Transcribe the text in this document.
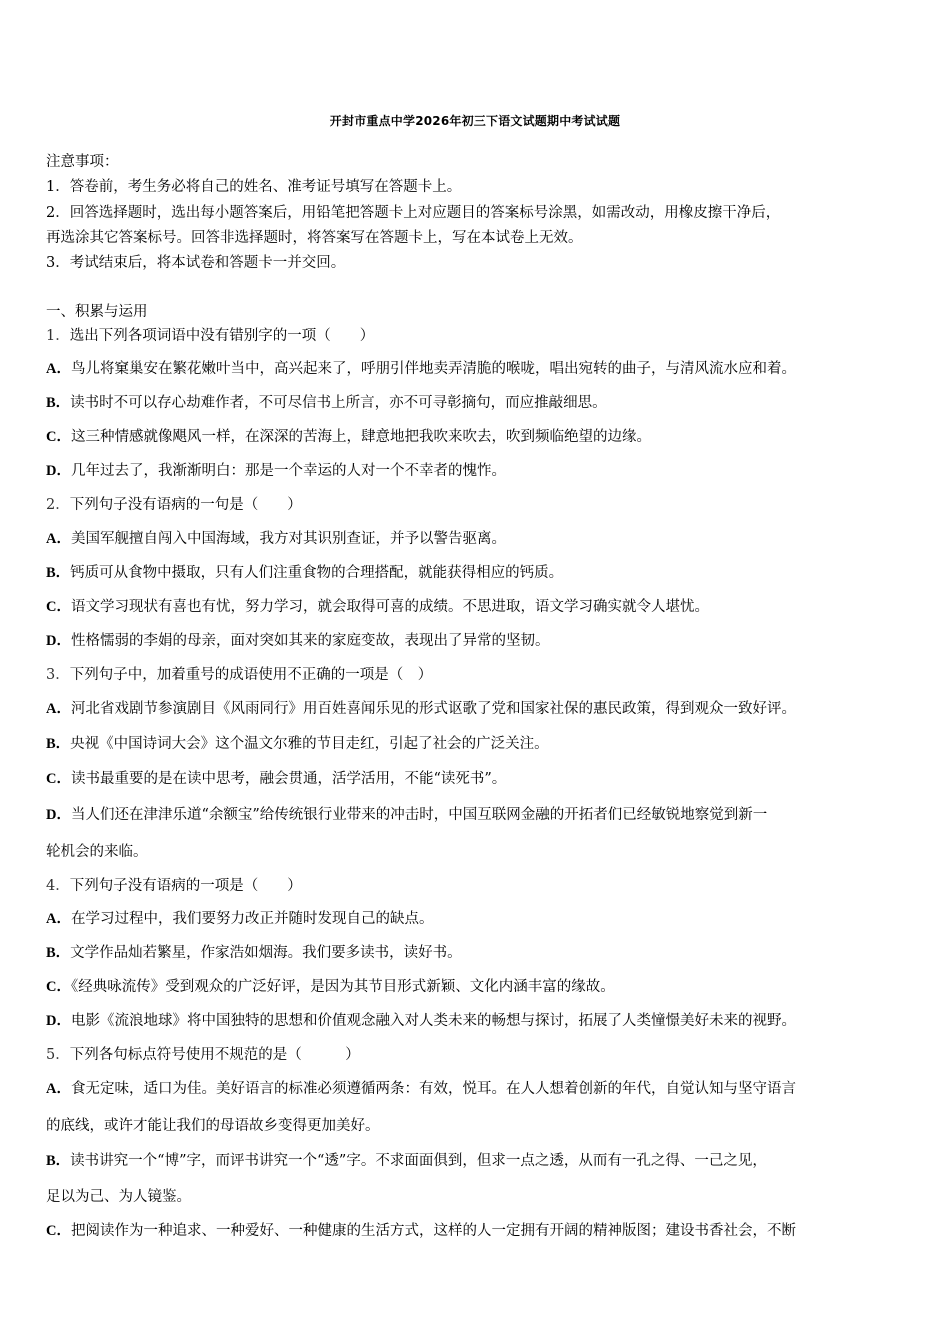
开封市重点中学2026年初三下语文试题期中考试试题
注意事项：
1．答卷前，考生务必将自己的姓名、准考证号填写在答题卡上。
2．回答选择题时，选出每小题答案后，用铅笔把答题卡上对应题目的答案标号涂黑，如需改动，用橡皮擦干净后，
再选涂其它答案标号。回答非选择题时，将答案写在答题卡上，写在本试卷上无效。
3．考试结束后，将本试卷和答题卡一并交回。
一、积累与运用
1．选出下列各项词语中没有错别字的一项（　　）
A．鸟儿将窠巢安在繁花嫩叶当中，高兴起来了，呼朋引伴地卖弄清脆的喉咙，唱出宛转的曲子，与清风流水应和着。
B．读书时不可以存心劫难作者，不可尽信书上所言，亦不可寻彰摘句，而应推敲细思。
C．这三种情感就像飓风一样，在深深的苦海上，肆意地把我吹来吹去，吹到频临绝望的边缘。
D．几年过去了，我渐渐明白：那是一个幸运的人对一个不幸者的愧怍。
2．下列句子没有语病的一句是（　　）
A．美国军舰擅自闯入中国海域，我方对其识别查证，并予以警告驱离。
B．钙质可从食物中摄取，只有人们注重食物的合理搭配，就能获得相应的钙质。
C．语文学习现状有喜也有忧，努力学习，就会取得可喜的成绩。不思进取，语文学习确实就令人堪忧。
D．性格懦弱的李娟的母亲，面对突如其来的家庭变故，表现出了异常的坚韧。
3．下列句子中，加着重号的成语使用不正确的一项是（　）
A．河北省戏剧节参演剧目《风雨同行》用百姓喜闻乐见的形式讴歌了党和国家社保的惠民政策，得到观众一致好评。
B．央视《中国诗词大会》这个温文尔雅的节目走红，引起了社会的广泛关注。
C．读书最重要的是在读中思考，融会贯通，活学活用，不能“读死书”。
D．当人们还在津津乐道“余额宝”给传统银行业带来的冲击时，中国互联网金融的开拓者们已经敏锐地察觉到新一
轮机会的来临。
4．下列句子没有语病的一项是（　　）
A．在学习过程中，我们要努力改正并随时发现自己的缺点。
B．文学作品灿若繁星，作家浩如烟海。我们要多读书，读好书。
C．《经典咏流传》受到观众的广泛好评，是因为其节目形式新颖、文化内涵丰富的缘故。
D．电影《流浪地球》将中国独特的思想和价值观念融入对人类未来的畅想与探讨，拓展了人类憧憬美好未来的视野。
5．下列各句标点符号使用不规范的是（　　　）
A．食无定味，适口为佳。美好语言的标准必须遵循两条：有效，悦耳。在人人想着创新的年代，自觉认知与坚守语言
的底线，或许才能让我们的母语故乡变得更加美好。
B．读书讲究一个“博”字，而评书讲究一个“透”字。不求面面俱到，但求一点之透，从而有一孔之得、一己之见，
足以为己、为人镜鉴。
C．把阅读作为一种追求、一种爱好、一种健康的生活方式，这样的人一定拥有开阔的精神版图；建设书香社会，不断
